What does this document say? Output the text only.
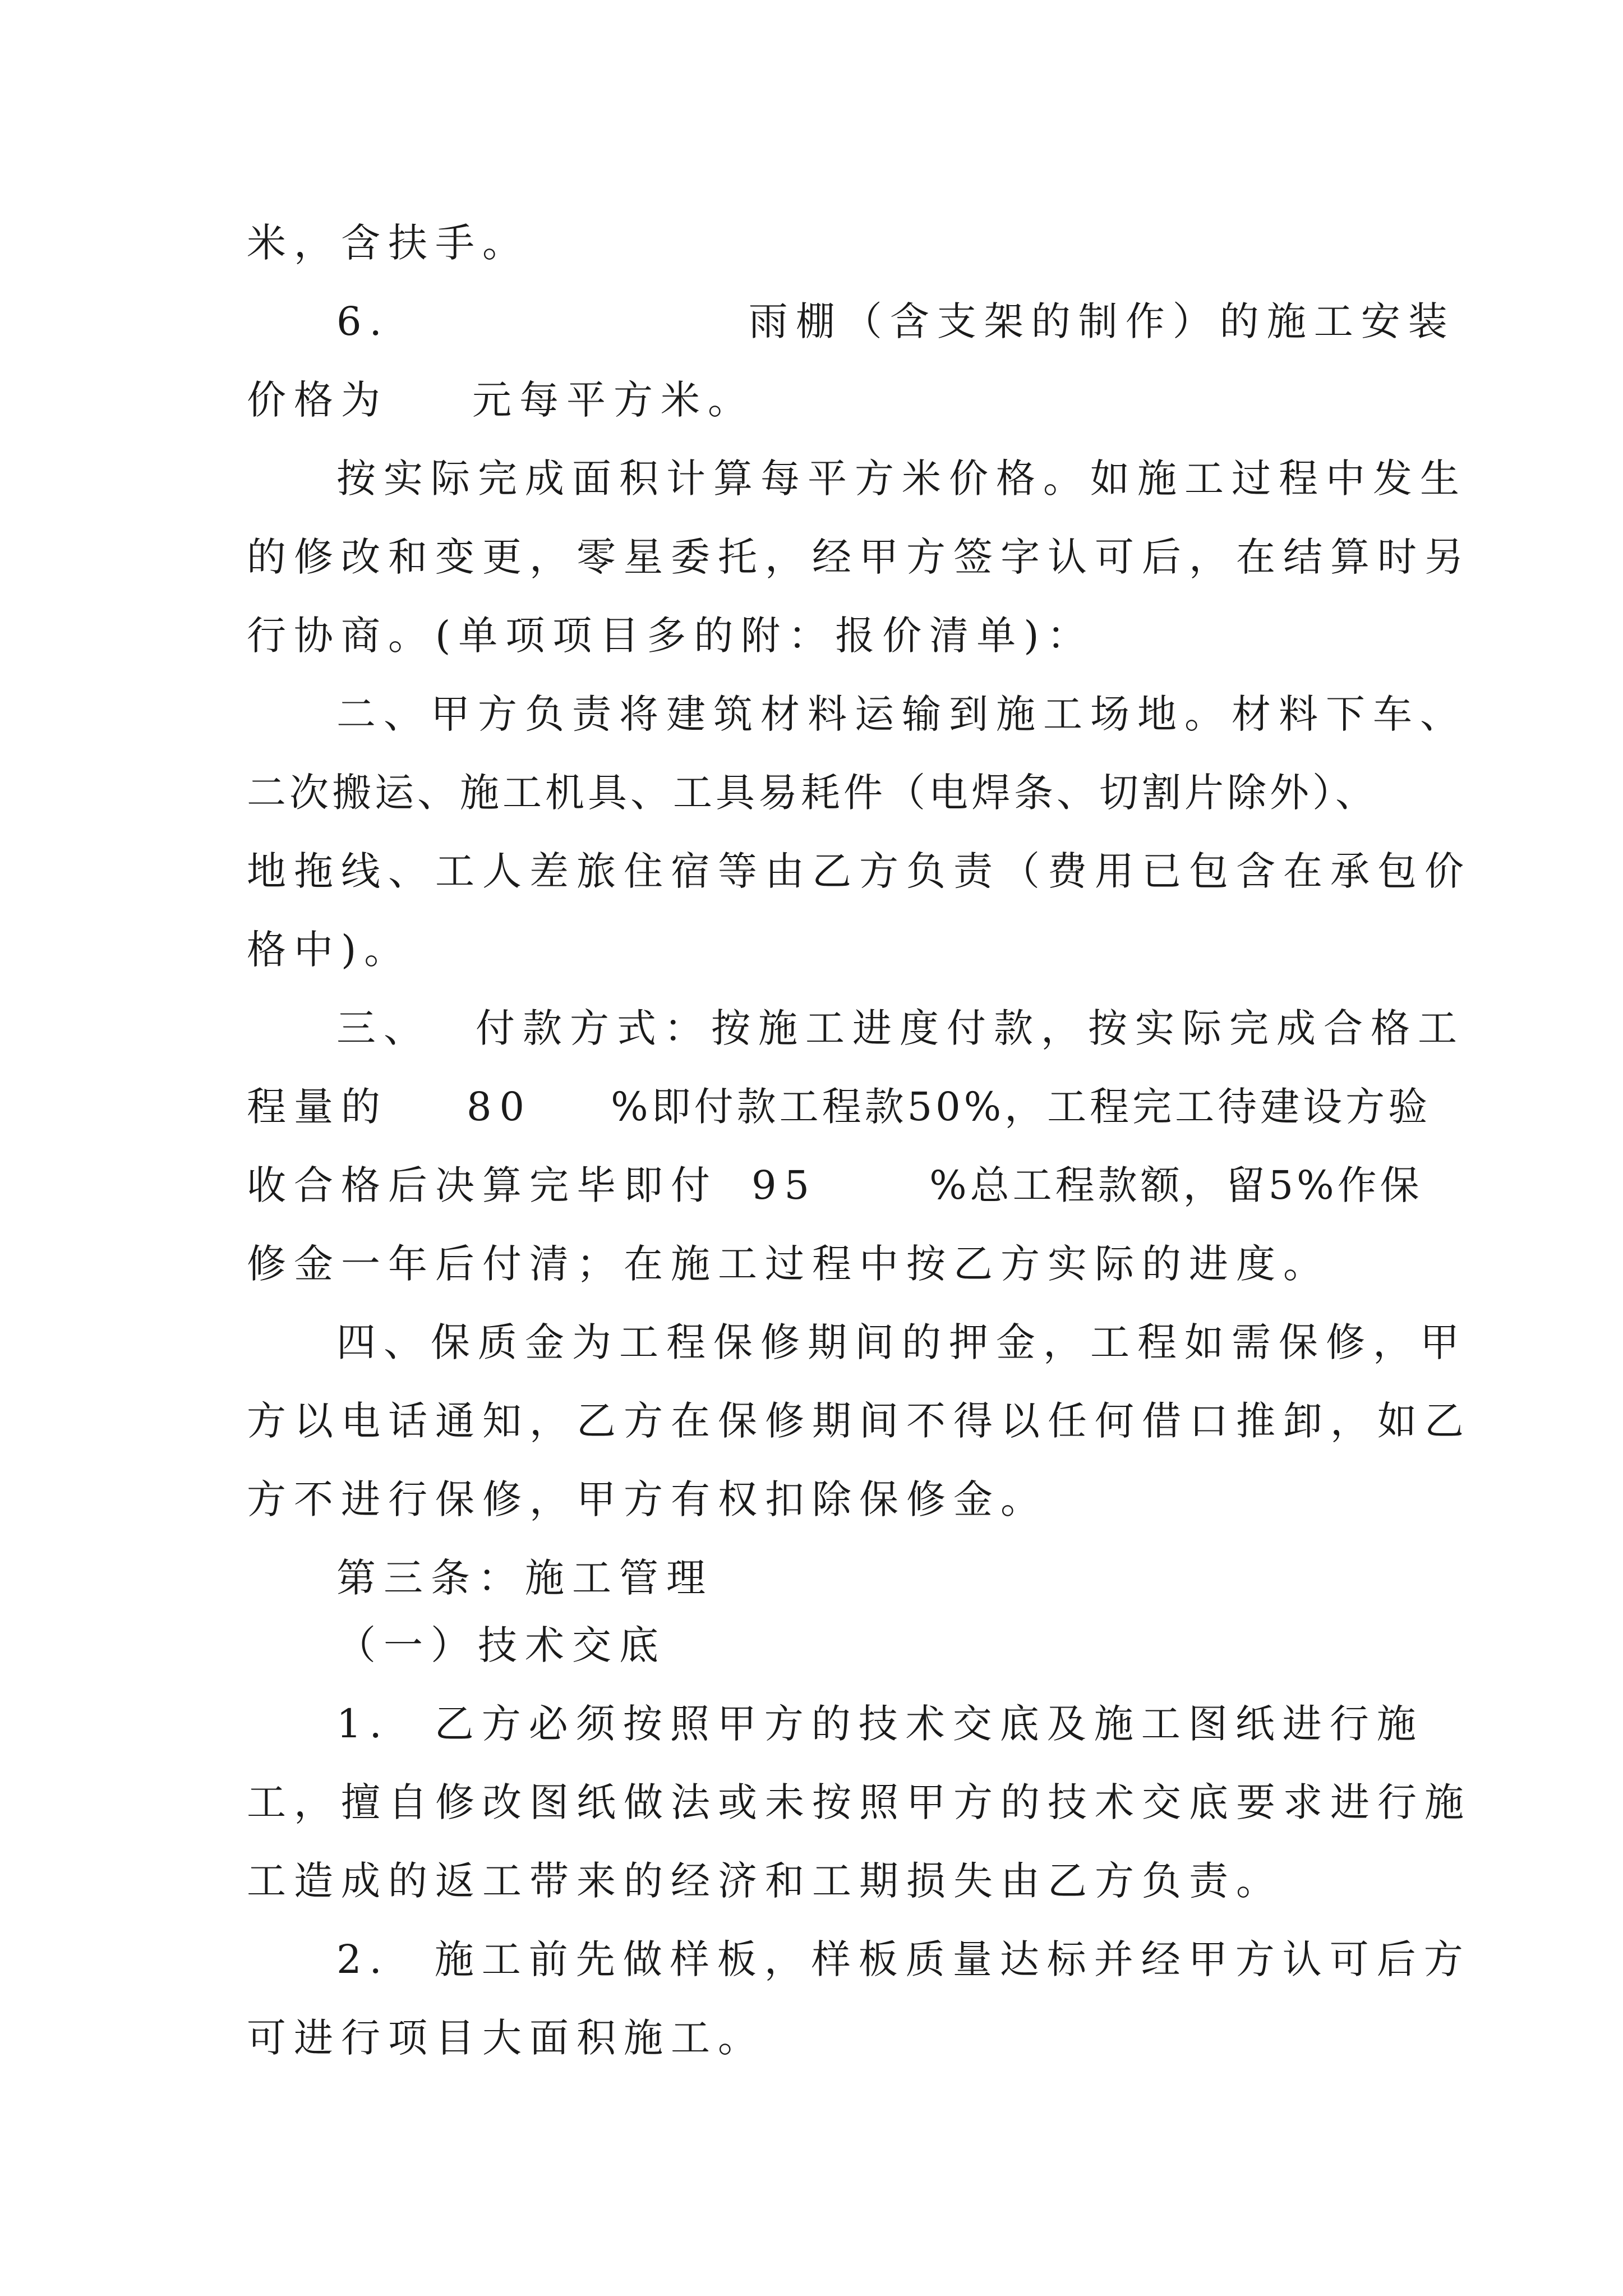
米，含扶手。
6.	雨棚（含支架的制作）的施工安装
价格为 元每平方米。
按实际完成面积计算每平方米价格。如施工过程中发生
的修改和变更，零星委托，经甲方签字认可后，在结算时另
行协商。(单项项目多的附：报价清单)：
二、甲方负责将建筑材料运输到施工场地。材料下车、
二次搬运、施工机具、工具易耗件（电焊条、切割片除外）、
地拖线、工人差旅住宿等由乙方负责（费用已包含在承包价
格中)。
三、 付款方式：按施工进度付款，按实际完成合格工
程量的 80 %即付款工程款50%，工程完工待建设方验
收合格后决算完毕即付 95	%总工程款额，留5%作保
修金一年后付清；在施工过程中按乙方实际的进度。
四、保质金为工程保修期间的押金，工程如需保修，甲
方以电话通知，乙方在保修期间不得以任何借口推卸，如乙
方不进行保修，甲方有权扣除保修金。
第三条：施工管理
（一）技术交底
1. 乙方必须按照甲方的技术交底及施工图纸进行施
工，擅自修改图纸做法或未按照甲方的技术交底要求进行施
工造成的返工带来的经济和工期损失由乙方负责。
2. 施工前先做样板，样板质量达标并经甲方认可后方
可进行项目大面积施工。
